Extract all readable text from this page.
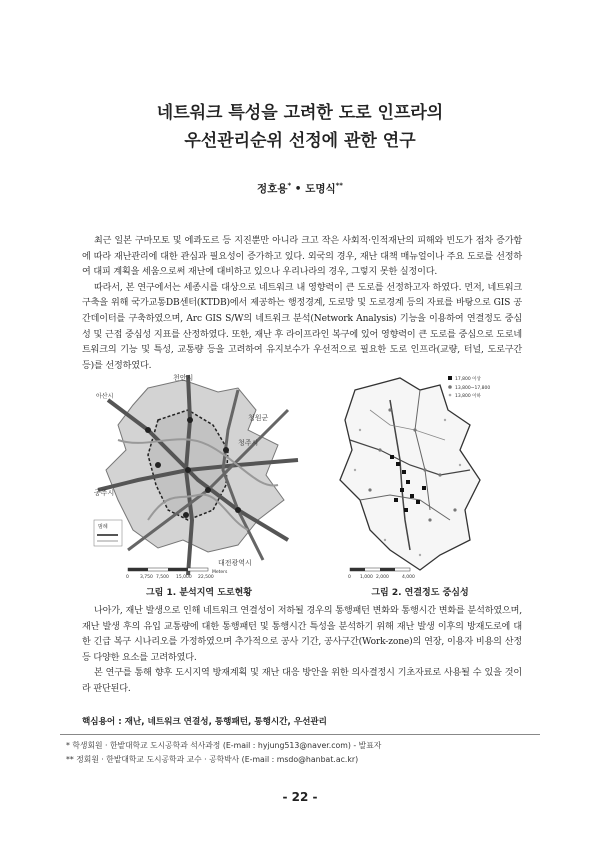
네트워크 특성을 고려한 도로 인프라의
우선관리순위 선정에 관한 연구
정호용* • 도명식**

최근 일본 구마모토 및 에콰도르 등 지진뿐만 아니라 크고 작은 사회적·인적재난의 피해와 빈도가 점차 증가함에 따라 재난관리에 대한 관심과 필요성이 증가하고 있다. 외국의 경우, 재난 대책 매뉴얼이나 주요 도로를 선정하여 대피 계획을 세움으로써 재난에 대비하고 있으나 우리나라의 경우, 그렇지 못한 실정이다.

따라서, 본 연구에서는 세종시를 대상으로 네트워크 내 영향력이 큰 도로를 선정하고자 하였다. 먼저, 네트워크 구축을 위해 국가교통DB센터(KTDB)에서 제공하는 행정경계, 도로망 및 도로경계 등의 자료를 바탕으로 GIS 공간데이터를 구축하였으며, Arc GIS S/W의 네트워크 분석(Network Analysis) 기능을 이용하여 연결정도 중심성 및 근접 중심성 지표를 산정하였다. 또한, 재난 후 라이프라인 복구에 있어 영향력이 큰 도로를 중심으로 도로네트워크의 기능 및 특성, 교통량 등을 고려하여 유지보수가 우선적으로 필요한 도로 인프라(교량, 터널, 도로구간 등)를 선정하였다.

천안시
아산시
청원군
청주시
공주시
대전광역시
범례
0 3,750 7,500 15,000 22,500
Meters
그림 1. 분석지역 도로현황
17,800 이상
13,800~17,800
13,800 이하
0 1,000 2,000	4,000
그림 2. 연결정도 중심성

나아가, 재난 발생으로 인해 네트워크 연결성이 저하될 경우의 통행패턴 변화와 통행시간 변화를 분석하였으며, 재난 발생 후의 유입 교통량에 대한 통행패턴 및 통행시간 특성을 분석하기 위해 재난 발생 이후의 방재도로에 대한 긴급 복구 시나리오를 가정하였으며 추가적으로 공사 기간, 공사구간(Work-zone)의 연장, 이용자 비용의 산정 등 다양한 요소를 고려하였다.

본 연구를 통해 향후 도시지역 방재계획 및 재난 대응 방안을 위한 의사결정시 기초자료로 사용될 수 있을 것이라 판단된다.

핵심용어 : 재난, 네트워크 연결성, 통행패턴, 통행시간, 우선관리
* 학생회원 · 한밭대학교 도시공학과 석사과정 (E-mail : hyjung513@naver.com) - 발표자
** 정회원 · 한밭대학교 도시공학과 교수 · 공학박사 (E-mail : msdo@hanbat.ac.kr)
- 22 -
